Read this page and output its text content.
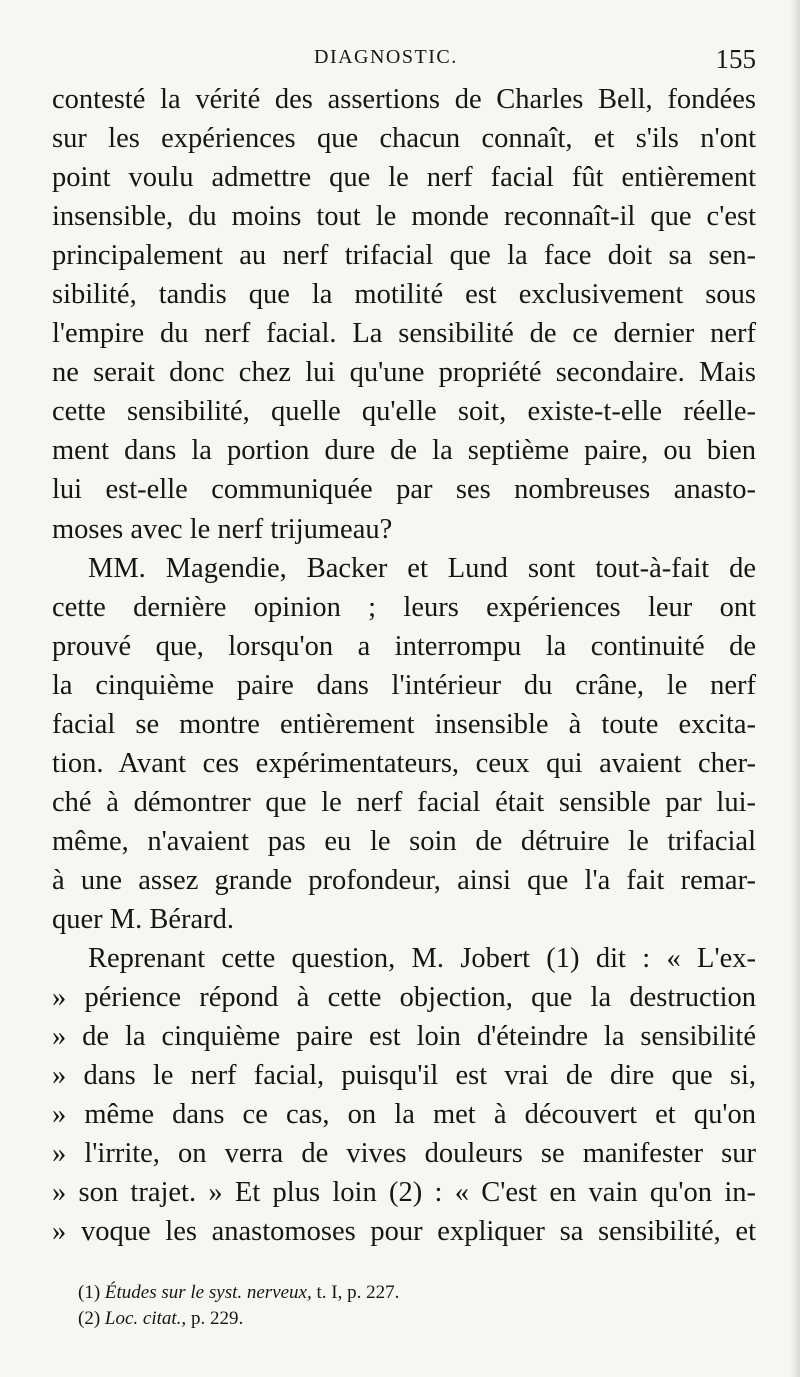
DIAGNOSTIC.	155
contesté la vérité des assertions de Charles Bell, fondées
sur les expériences que chacun connaît, et s'ils n'ont
point voulu admettre que le nerf facial fût entièrement
insensible, du moins tout le monde reconnaît-il que c'est
principalement au nerf trifacial que la face doit sa sen-
sibilité, tandis que la motilité est exclusivement sous
l'empire du nerf facial. La sensibilité de ce dernier nerf
ne serait donc chez lui qu'une propriété secondaire. Mais
cette sensibilité, quelle qu'elle soit, existe-t-elle réelle-
ment dans la portion dure de la septième paire, ou bien
lui est-elle communiquée par ses nombreuses anasto-
moses avec le nerf trijumeau?
MM. Magendie, Backer et Lund sont tout-à-fait de
cette dernière opinion ; leurs expériences leur ont
prouvé que, lorsqu'on a interrompu la continuité de
la cinquième paire dans l'intérieur du crâne, le nerf
facial se montre entièrement insensible à toute excita-
tion. Avant ces expérimentateurs, ceux qui avaient cher-
ché à démontrer que le nerf facial était sensible par lui-
même, n'avaient pas eu le soin de détruire le trifacial
à une assez grande profondeur, ainsi que l'a fait remar-
quer M. Bérard.
Reprenant cette question, M. Jobert (1) dit : « L'ex-
» périence répond à cette objection, que la destruction
» de la cinquième paire est loin d'éteindre la sensibilité
» dans le nerf facial, puisqu'il est vrai de dire que si,
» même dans ce cas, on la met à découvert et qu'on
» l'irrite, on verra de vives douleurs se manifester sur
» son trajet. » Et plus loin (2) : « C'est en vain qu'on in-
» voque les anastomoses pour expliquer sa sensibilité, et
(1) Études sur le syst. nerveux, t. I, p. 227.
(2) Loc. citat., p. 229.
